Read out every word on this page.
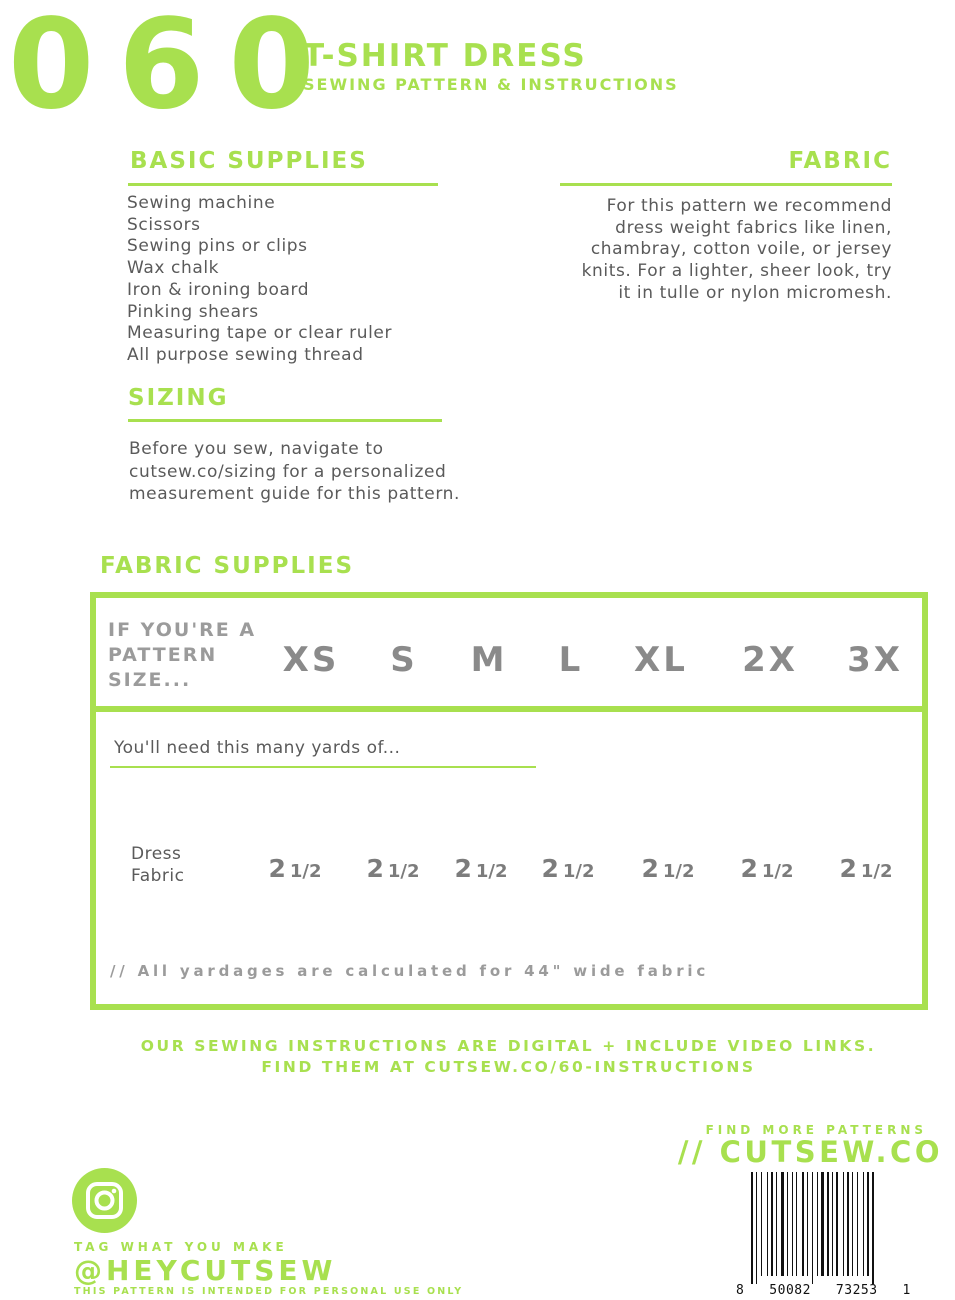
060
T-SHIRT DRESS
SEWING PATTERN & INSTRUCTIONS
BASIC SUPPLIES
Sewing machine
Scissors
Sewing pins or clips
Wax chalk
Iron & ironing board
Pinking shears
Measuring tape or clear ruler
All purpose sewing thread
FABRIC
For this pattern we recommend
dress weight fabrics like linen,
chambray, cotton voile, or jersey
knits. For a lighter, sheer look, try
it in tulle or nylon micromesh.
SIZING
Before you sew, navigate to
cutsew.co/sizing for a personalized
measurement guide for this pattern.
FABRIC SUPPLIES
IF YOU'RE A
PATTERN
SIZE...	XS	S	M	L	XL	2X	3X
You'll need this many yards of...
Dress
Fabric	2 1/2	2 1/2	2 1/2	2 1/2	2 1/2	2 1/2	2 1/2
// All yardages are calculated for 44" wide fabric
OUR SEWING INSTRUCTIONS ARE DIGITAL + INCLUDE VIDEO LINKS.
FIND THEM AT CUTSEW.CO/60-INSTRUCTIONS
TAG WHAT YOU MAKE
@HEYCUTSEW
THIS PATTERN IS INTENDED FOR PERSONAL USE ONLY
FIND MORE PATTERNS
// CUTSEW.CO
8   50082   73253   1
